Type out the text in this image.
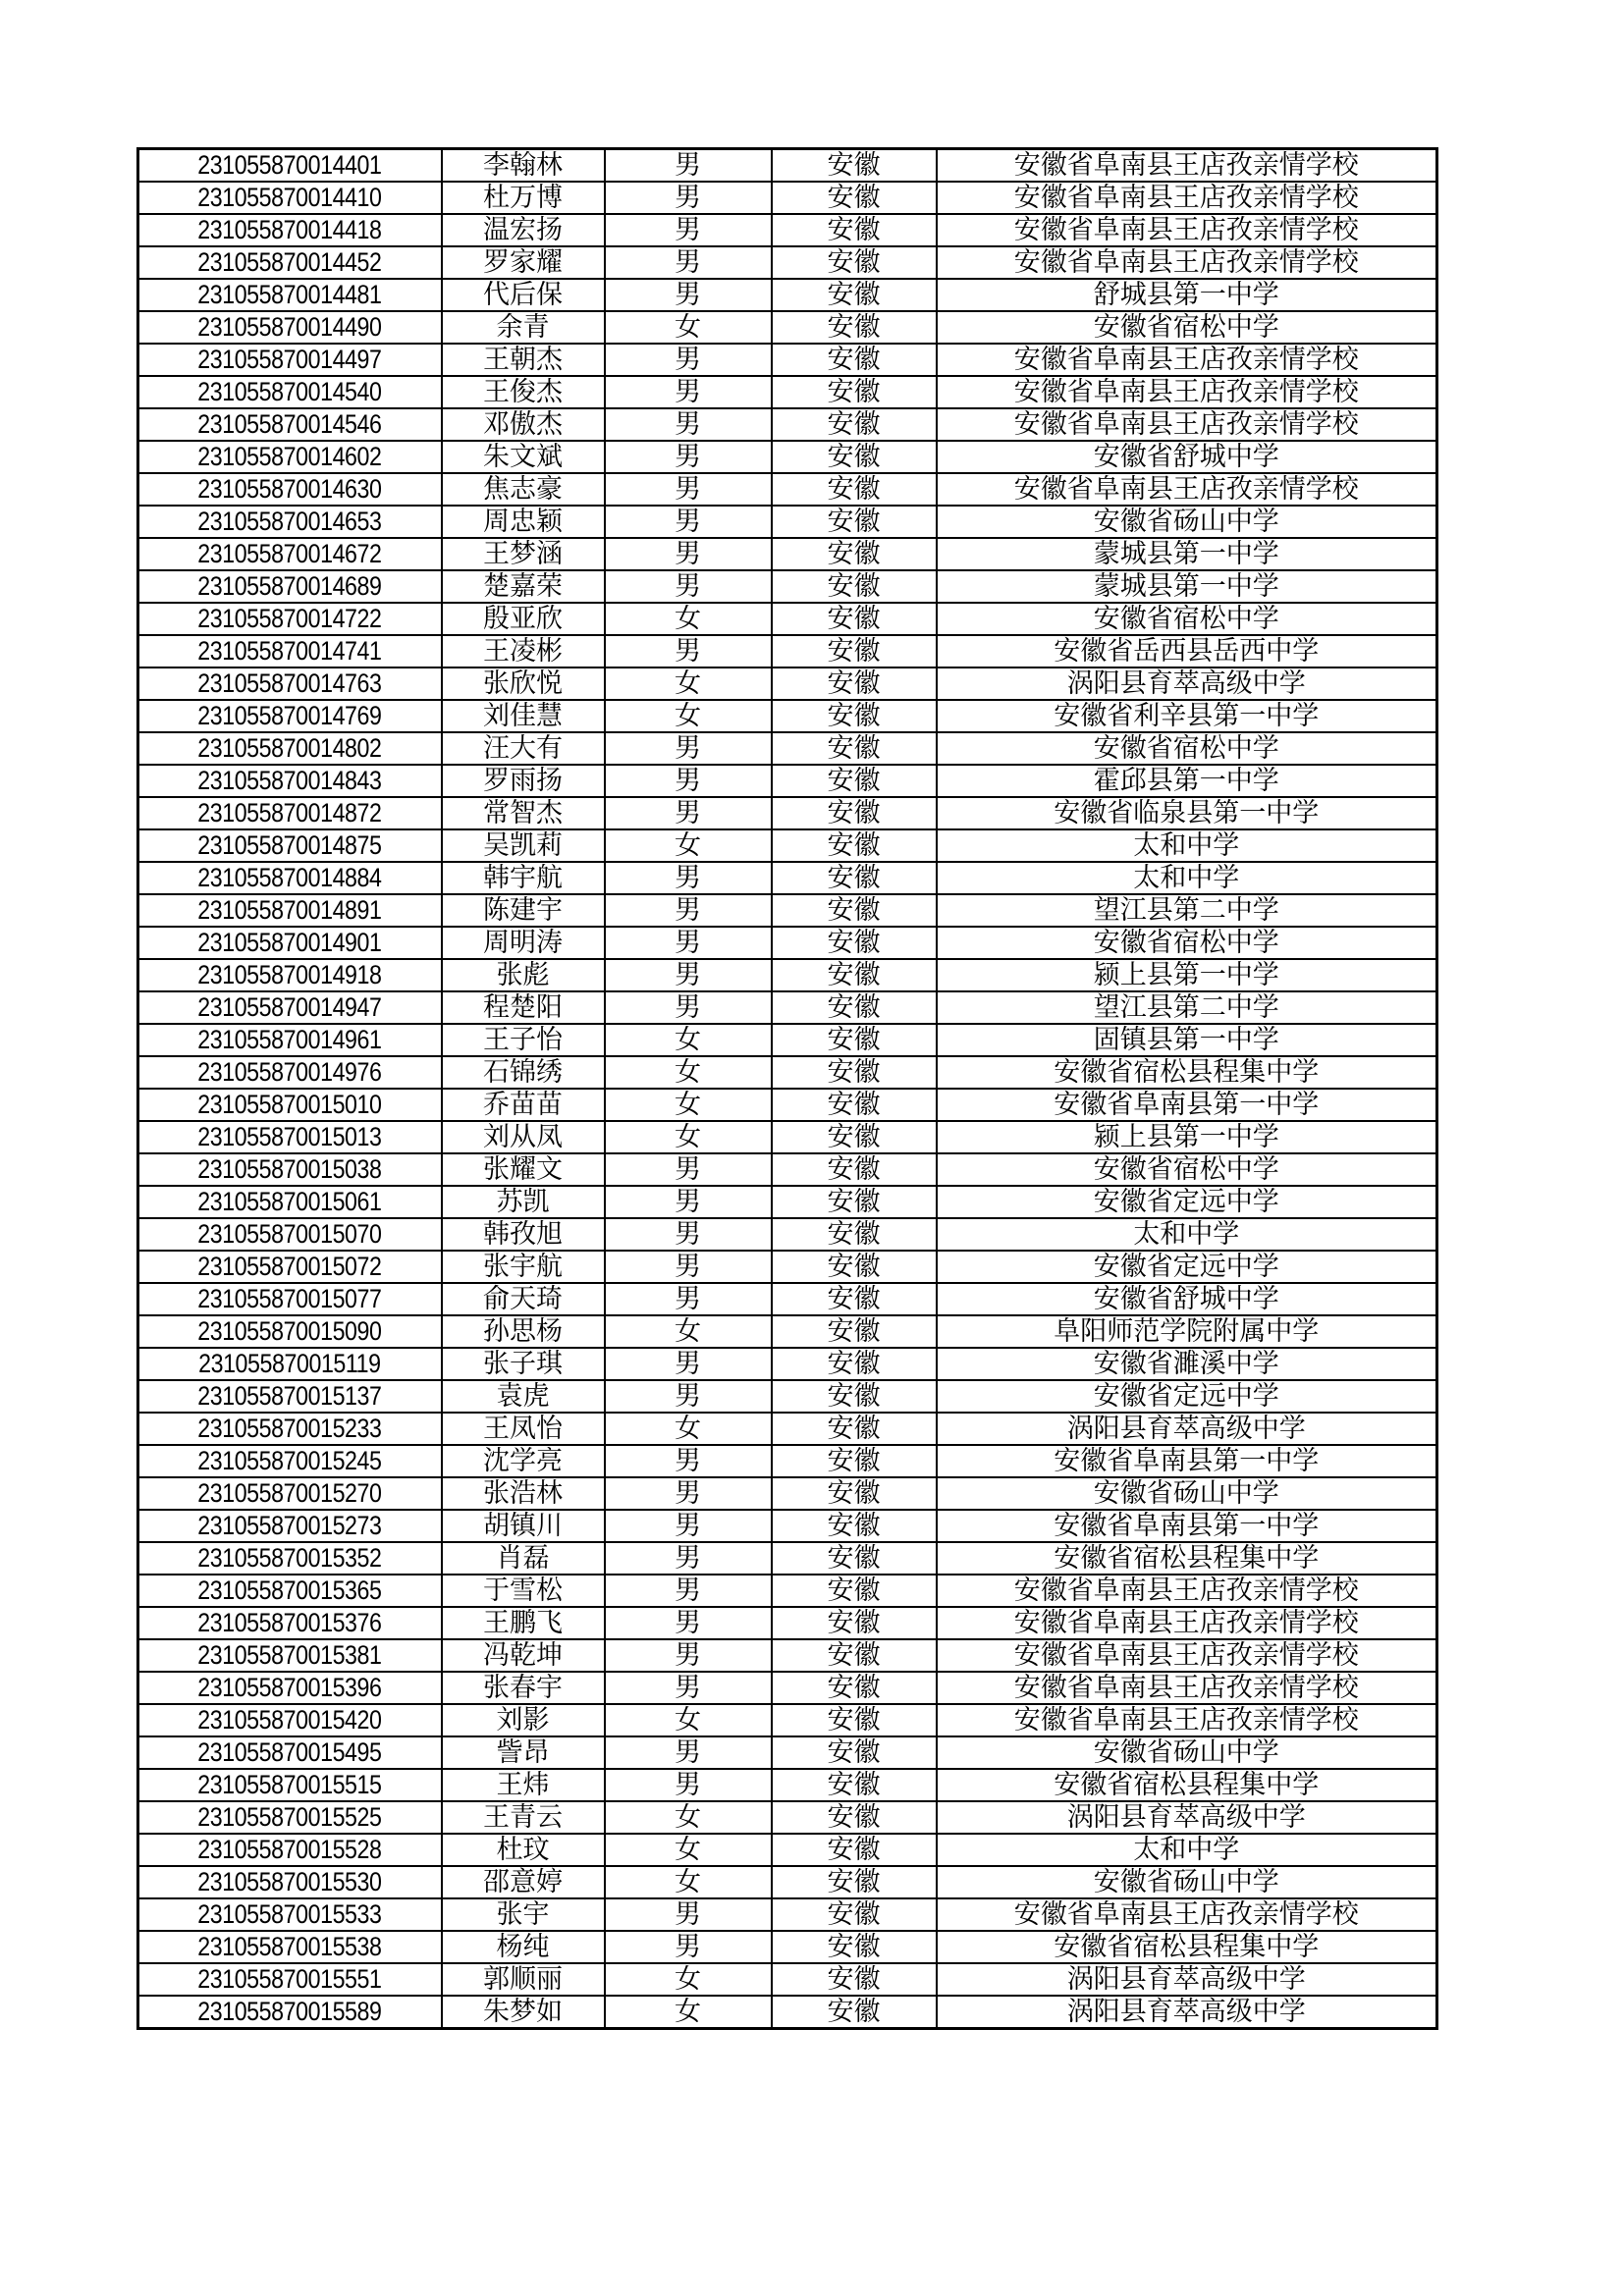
231055870014401	李翰林	男	安徽	安徽省阜南县王店孜亲情学校
231055870014410	杜万博	男	安徽	安徽省阜南县王店孜亲情学校
231055870014418	温宏扬	男	安徽	安徽省阜南县王店孜亲情学校
231055870014452	罗家耀	男	安徽	安徽省阜南县王店孜亲情学校
231055870014481	代后保	男	安徽	舒城县第一中学
231055870014490	余青	女	安徽	安徽省宿松中学
231055870014497	王朝杰	男	安徽	安徽省阜南县王店孜亲情学校
231055870014540	王俊杰	男	安徽	安徽省阜南县王店孜亲情学校
231055870014546	邓傲杰	男	安徽	安徽省阜南县王店孜亲情学校
231055870014602	朱文斌	男	安徽	安徽省舒城中学
231055870014630	焦志豪	男	安徽	安徽省阜南县王店孜亲情学校
231055870014653	周忠颖	男	安徽	安徽省砀山中学
231055870014672	王梦涵	男	安徽	蒙城县第一中学
231055870014689	楚嘉荣	男	安徽	蒙城县第一中学
231055870014722	殷亚欣	女	安徽	安徽省宿松中学
231055870014741	王凌彬	男	安徽	安徽省岳西县岳西中学
231055870014763	张欣悦	女	安徽	涡阳县育萃高级中学
231055870014769	刘佳慧	女	安徽	安徽省利辛县第一中学
231055870014802	汪大有	男	安徽	安徽省宿松中学
231055870014843	罗雨扬	男	安徽	霍邱县第一中学
231055870014872	常智杰	男	安徽	安徽省临泉县第一中学
231055870014875	吴凯莉	女	安徽	太和中学
231055870014884	韩宇航	男	安徽	太和中学
231055870014891	陈建宇	男	安徽	望江县第二中学
231055870014901	周明涛	男	安徽	安徽省宿松中学
231055870014918	张彪	男	安徽	颍上县第一中学
231055870014947	程楚阳	男	安徽	望江县第二中学
231055870014961	王子怡	女	安徽	固镇县第一中学
231055870014976	石锦绣	女	安徽	安徽省宿松县程集中学
231055870015010	乔苗苗	女	安徽	安徽省阜南县第一中学
231055870015013	刘从凤	女	安徽	颍上县第一中学
231055870015038	张耀文	男	安徽	安徽省宿松中学
231055870015061	苏凯	男	安徽	安徽省定远中学
231055870015070	韩孜旭	男	安徽	太和中学
231055870015072	张宇航	男	安徽	安徽省定远中学
231055870015077	俞天琦	男	安徽	安徽省舒城中学
231055870015090	孙思杨	女	安徽	阜阳师范学院附属中学
231055870015119	张子琪	男	安徽	安徽省濉溪中学
231055870015137	袁虎	男	安徽	安徽省定远中学
231055870015233	王凤怡	女	安徽	涡阳县育萃高级中学
231055870015245	沈学亮	男	安徽	安徽省阜南县第一中学
231055870015270	张浩林	男	安徽	安徽省砀山中学
231055870015273	胡镇川	男	安徽	安徽省阜南县第一中学
231055870015352	肖磊	男	安徽	安徽省宿松县程集中学
231055870015365	于雪松	男	安徽	安徽省阜南县王店孜亲情学校
231055870015376	王鹏飞	男	安徽	安徽省阜南县王店孜亲情学校
231055870015381	冯乾坤	男	安徽	安徽省阜南县王店孜亲情学校
231055870015396	张春宇	男	安徽	安徽省阜南县王店孜亲情学校
231055870015420	刘影	女	安徽	安徽省阜南县王店孜亲情学校
231055870015495	訾昂	男	安徽	安徽省砀山中学
231055870015515	王炜	男	安徽	安徽省宿松县程集中学
231055870015525	王青云	女	安徽	涡阳县育萃高级中学
231055870015528	杜玟	女	安徽	太和中学
231055870015530	邵意婷	女	安徽	安徽省砀山中学
231055870015533	张宇	男	安徽	安徽省阜南县王店孜亲情学校
231055870015538	杨纯	男	安徽	安徽省宿松县程集中学
231055870015551	郭顺丽	女	安徽	涡阳县育萃高级中学
231055870015589	朱梦如	女	安徽	涡阳县育萃高级中学
